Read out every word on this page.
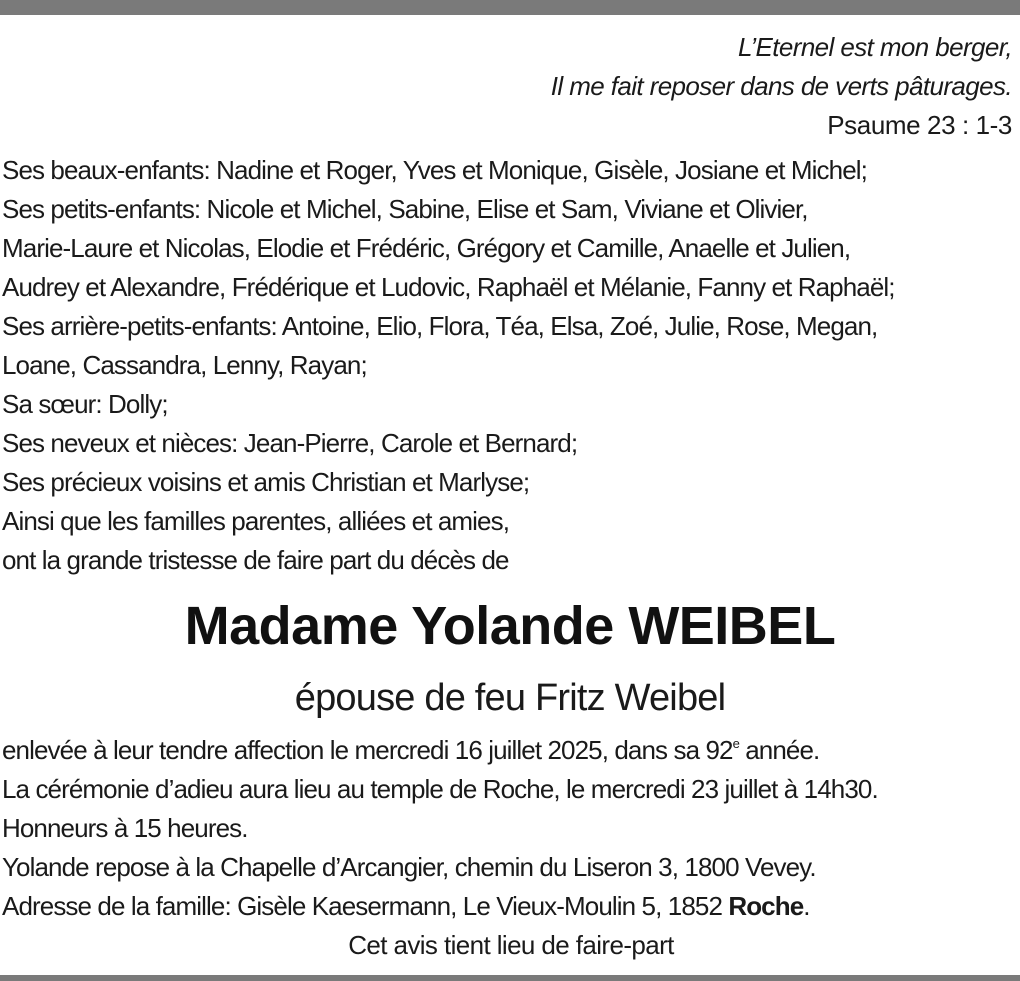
L’Eternel est mon berger,
Il me fait reposer dans de verts pâturages.
Psaume 23 : 1-3
Ses beaux-enfants: Nadine et Roger, Yves et Monique, Gisèle, Josiane et Michel;
Ses petits-enfants: Nicole et Michel, Sabine, Elise et Sam, Viviane et Olivier,
Marie-Laure et Nicolas, Elodie et Frédéric, Grégory et Camille, Anaelle et Julien,
Audrey et Alexandre, Frédérique et Ludovic, Raphaël et Mélanie, Fanny et Raphaël;
Ses arrière-petits-enfants: Antoine, Elio, Flora, Téa, Elsa, Zoé, Julie, Rose, Megan,
Loane, Cassandra, Lenny, Rayan;
Sa sœur: Dolly;
Ses neveux et nièces: Jean-Pierre, Carole et Bernard;
Ses précieux voisins et amis Christian et Marlyse;
Ainsi que les familles parentes, alliées et amies,
ont la grande tristesse de faire part du décès de
Madame Yolande WEIBEL
épouse de feu Fritz Weibel
enlevée à leur tendre affection le mercredi 16 juillet 2025, dans sa 92e année.
La cérémonie d’adieu aura lieu au temple de Roche, le mercredi 23 juillet à 14h30.
Honneurs à 15 heures.
Yolande repose à la Chapelle d’Arcangier, chemin du Liseron 3, 1800 Vevey.
Adresse de la famille: Gisèle Kaesermann, Le Vieux-Moulin 5, 1852 Roche.
Cet avis tient lieu de faire-part
